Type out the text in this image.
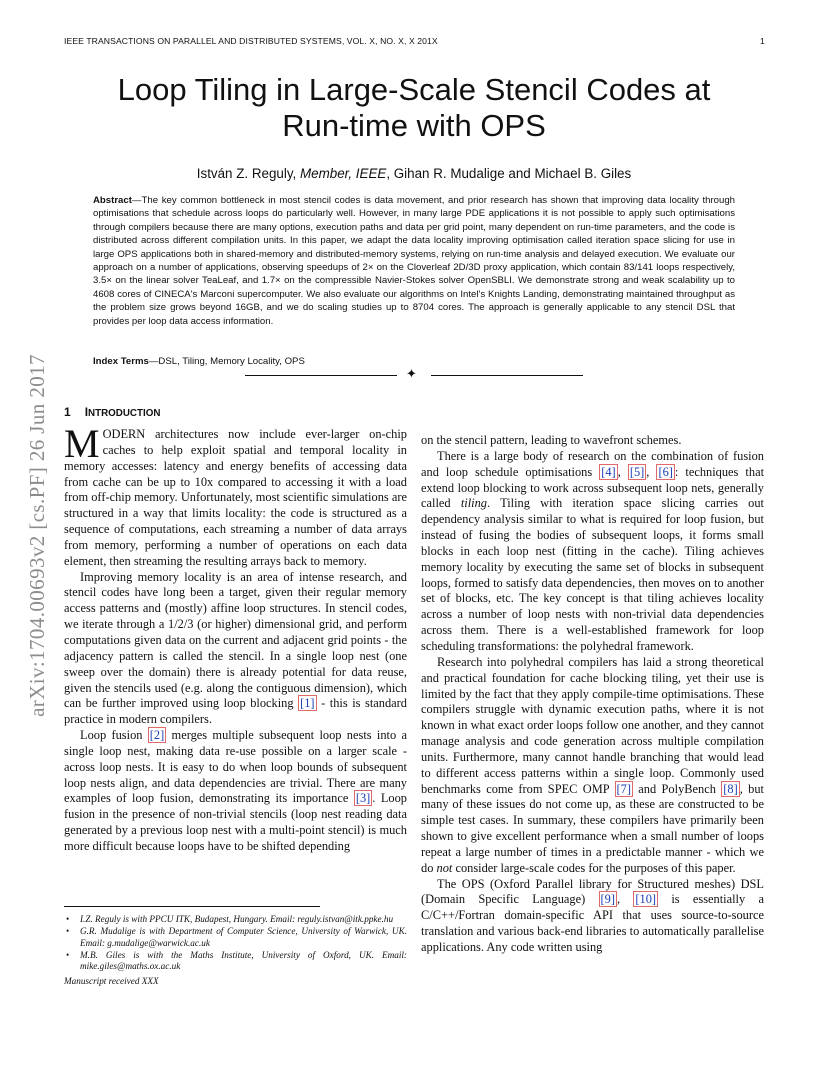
IEEE TRANSACTIONS ON PARALLEL AND DISTRIBUTED SYSTEMS, VOL. X, NO. X, X 201X	1
arXiv:1704.00693v2 [cs.PF] 26 Jun 2017
Loop Tiling in Large-Scale Stencil Codes at
Run-time with OPS
István Z. Reguly, Member, IEEE, Gihan R. Mudalige and Michael B. Giles

Abstract—The key common bottleneck in most stencil codes is data movement, and prior research has shown that improving data locality through optimisations that schedule across loops do particularly well. However, in many large PDE applications it is not possible to apply such optimisations through compilers because there are many options, execution paths and data per grid point, many dependent on run-time parameters, and the code is distributed across different compilation units. In this paper, we adapt the data locality improving optimisation called iteration space slicing for use in large OPS applications both in shared-memory and distributed-memory systems, relying on run-time analysis and delayed execution. We evaluate our approach on a number of applications, observing speedups of 2× on the Cloverleaf 2D/3D proxy application, which contain 83/141 loops respectively, 3.5× on the linear solver TeaLeaf, and 1.7× on the compressible Navier-Stokes solver OpenSBLI. We demonstrate strong and weak scalability up to 4608 cores of CINECA's Marconi supercomputer. We also evaluate our algorithms on Intel's Knights Landing, demonstrating maintained throughput as the problem size grows beyond 16GB, and we do scaling studies up to 8704 cores. The approach is generally applicable to any stencil DSL that provides per loop data access information.

Index Terms—DSL, Tiling, Memory Locality, OPS
✦
1 INTRODUCTION

MODERN architectures now include ever-larger on-chip caches to help exploit spatial and temporal locality in memory accesses: latency and energy benefits of accessing data from cache can be up to 10x compared to accessing it with a load from off-chip memory. Unfortunately, most scientific simulations are structured in a way that limits locality: the code is structured as a sequence of computations, each streaming a number of data arrays from memory, performing a number of operations on each data element, then streaming the resulting arrays back to memory.

Improving memory locality is an area of intense research, and stencil codes have long been a target, given their regular memory access patterns and (mostly) affine loop structures. In stencil codes, we iterate through a 1/2/3 (or higher) dimensional grid, and perform computations given data on the current and adjacent grid points - the adjacency pattern is called the stencil. In a single loop nest (one sweep over the domain) there is already potential for data reuse, given the stencils used (e.g. along the contiguous dimension), which can be further improved using loop blocking [1] - this is standard practice in modern compilers.

Loop fusion [2] merges multiple subsequent loop nests into a single loop nest, making data re-use possible on a larger scale - across loop nests. It is easy to do when loop bounds of subsequent loop nests align, and data dependencies are trivial. There are many examples of loop fusion, demonstrating its importance [3] . Loop fusion in the presence of non-trivial stencils (loop nest reading data generated by a previous loop nest with a multi-point stencil) is much more difficult because loops have to be shifted depending

• I.Z. Reguly is with PPCU ITK, Budapest, Hungary. Email: reguly.istvan@itk.ppke.hu
• G.R. Mudalige is with Department of Computer Science, University of Warwick, UK. Email: g.mudalige@warwick.ac.uk
• M.B. Giles is with the Maths Institute, University of Oxford, UK. Email: mike.giles@maths.ox.ac.uk
Manuscript received XXX

on the stencil pattern, leading to wavefront schemes.

There is a large body of research on the combination of fusion and loop schedule optimisations [4] , [5] , [6] : techniques that extend loop blocking to work across subsequent loop nets, generally called tiling. Tiling with iteration space slicing carries out dependency analysis similar to what is required for loop fusion, but instead of fusing the bodies of subsequent loops, it forms small blocks in each loop nest (fitting in the cache). Tiling achieves memory locality by executing the same set of blocks in subsequent loops, formed to satisfy data dependencies, then moves on to another set of blocks, etc. The key concept is that tiling achieves locality across a number of loop nests with non-trivial data dependencies across them. There is a well-established framework for loop scheduling transformations: the polyhedral framework.

Research into polyhedral compilers has laid a strong theoretical and practical foundation for cache blocking tiling, yet their use is limited by the fact that they apply compile-time optimisations. These compilers struggle with dynamic execution paths, where it is not known in what exact order loops follow one another, and they cannot manage analysis and code generation across multiple compilation units. Furthermore, many cannot handle branching that would lead to different access patterns within a single loop. Commonly used benchmarks come from SPEC OMP [7] and PolyBench [8] , but many of these issues do not come up, as these are constructed to be simple test cases. In summary, these compilers have primarily been shown to give excellent performance when a small number of loops repeat a large number of times in a predictable manner - which we do not consider large-scale codes for the purposes of this paper.

The OPS (Oxford Parallel library for Structured meshes) DSL (Domain Specific Language) [9] , [10] is essentially a C/C++/Fortran domain-specific API that uses source-to-source translation and various back-end libraries to automatically parallelise applications. Any code written using
